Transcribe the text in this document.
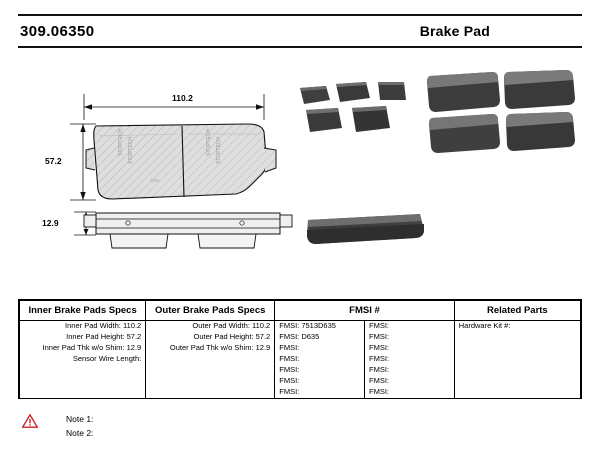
309.06350	Brake Pad
STOPTECH STOPTECH	STOPTECH STOPTECH
20M
110.2
57.2
12.9
Inner Brake Pads Specs	Outer Brake Pads Specs	FMSI #		Related Parts
Inner Pad Width: 110.2	Outer Pad Width: 110.2	FMSI: 7513D635	FMSI:	Hardware Kit #:
Inner Pad Height: 57.2	Outer Pad Height: 57.2	FMSI: D635	FMSI:	
Inner Pad Thk w/o Shim: 12.9	Outer Pad Thk w/o Shim: 12.9	FMSI:	FMSI:	
Sensor Wire Length:		FMSI:	FMSI:	
		FMSI:	FMSI:	
		FMSI:	FMSI:	
		FMSI:	FMSI:	
Note 1:
Note 2:
